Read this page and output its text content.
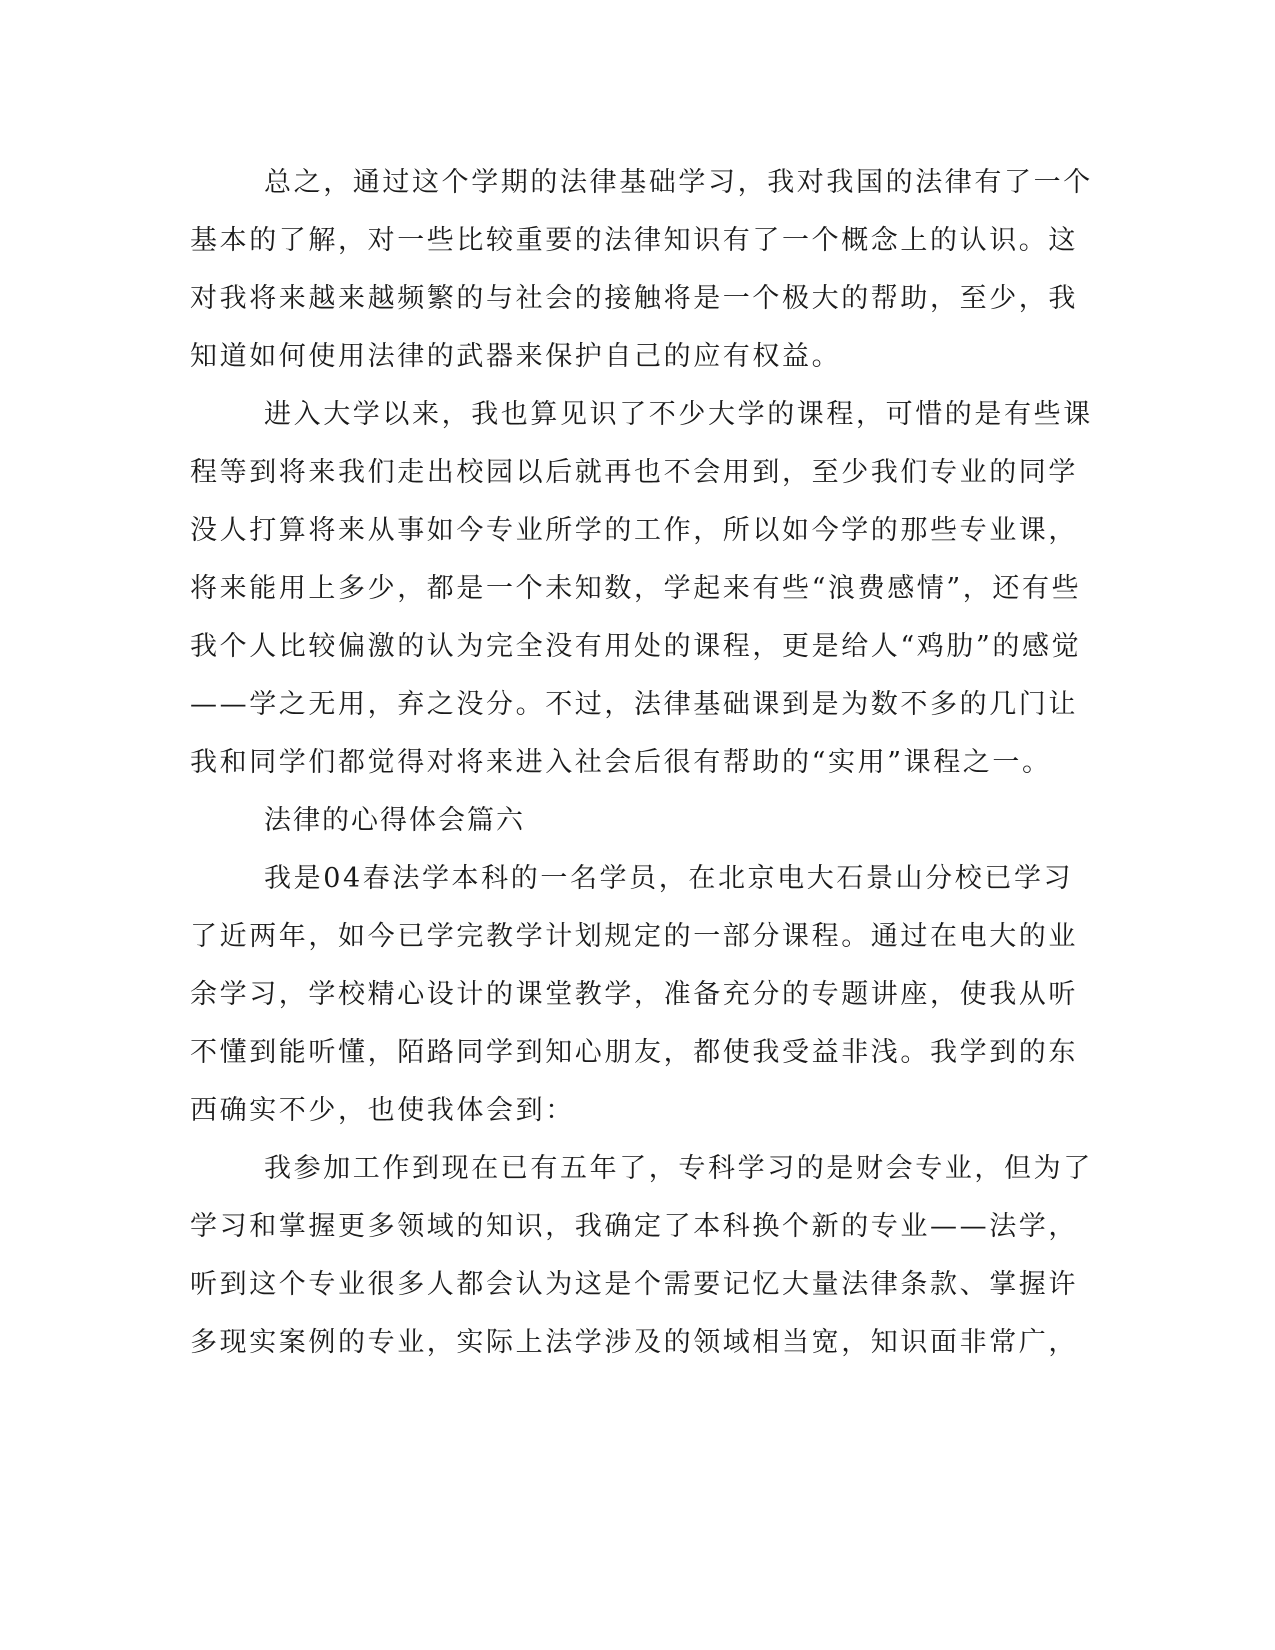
总之，通过这个学期的法律基础学习，我对我国的法律有了一个
基本的了解，对一些比较重要的法律知识有了一个概念上的认识。这
对我将来越来越频繁的与社会的接触将是一个极大的帮助，至少，我
知道如何使用法律的武器来保护自己的应有权益。
进入大学以来，我也算见识了不少大学的课程，可惜的是有些课
程等到将来我们走出校园以后就再也不会用到，至少我们专业的同学
没人打算将来从事如今专业所学的工作，所以如今学的那些专业课，
将来能用上多少，都是一个未知数，学起来有些“浪费感情”，还有些
我个人比较偏激的认为完全没有用处的课程，更是给人“鸡肋”的感觉
——学之无用，弃之没分。不过，法律基础课到是为数不多的几门让
我和同学们都觉得对将来进入社会后很有帮助的“实用”课程之一。
法律的心得体会篇六
我是04春法学本科的一名学员，在北京电大石景山分校已学习
了近两年，如今已学完教学计划规定的一部分课程。通过在电大的业
余学习，学校精心设计的课堂教学，准备充分的专题讲座，使我从听
不懂到能听懂，陌路同学到知心朋友，都使我受益非浅。我学到的东
西确实不少，也使我体会到：
我参加工作到现在已有五年了，专科学习的是财会专业，但为了
学习和掌握更多领域的知识，我确定了本科换个新的专业——法学，
听到这个专业很多人都会认为这是个需要记忆大量法律条款、掌握许
多现实案例的专业，实际上法学涉及的领域相当宽，知识面非常广，
